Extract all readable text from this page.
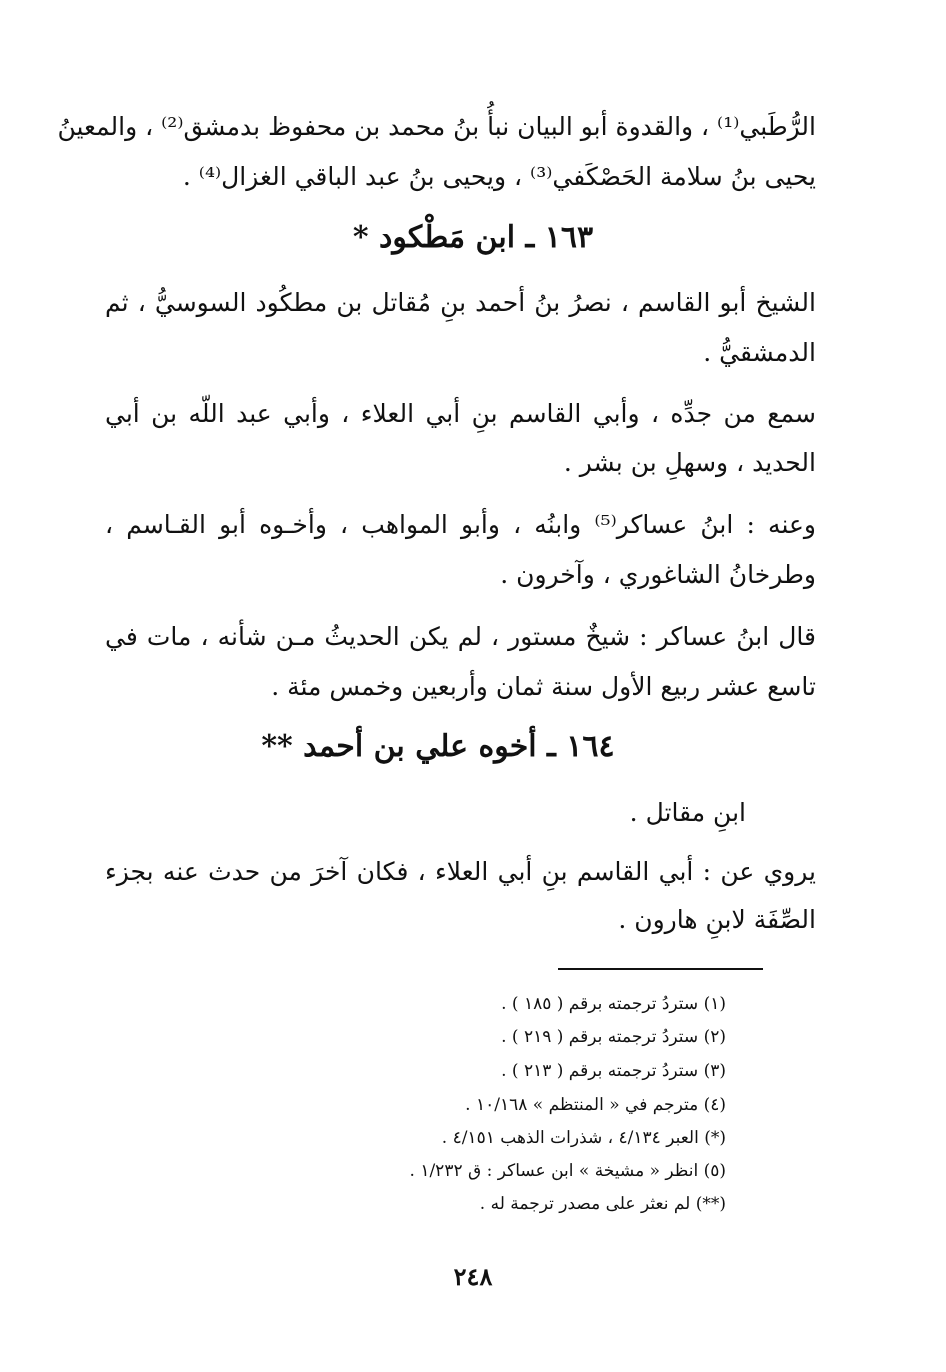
الرُّطَبي⁽¹⁾ ، والقدوة أبو البيان نبأُ بنُ محمد بن محفوظ بدمشق⁽²⁾ ، والمعينُ
يحيى بنُ سلامة الحَصْكَفي⁽³⁾ ، ويحيى بنُ عبد الباقي الغزال⁽⁴⁾ .
١٦٣ ـ ابن مَطْكود *
الشيخ أبو القاسم ، نصرُ بنُ أحمد بنِ مُقاتل بن مطكُود السوسيُّ ، ثم
الدمشقيُّ .
سمع من جدِّه ، وأبي القاسم بنِ أبي العلاء ، وأبي عبد اللّه بن أبي
الحديد ، وسهلِ بن بشر .
وعنه : ابنُ عساكر⁽⁵⁾ وابنُه ، وأبو المواهب ، وأخـوه أبو القـاسم ،
وطرخانُ الشاغوري ، وآخرون .
قال ابنُ عساكر : شيخٌ مستور ، لم يكن الحديثُ مـن شأنه ، مات في
تاسع عشر ربيع الأول سنة ثمان وأربعين وخمس مئة .
١٦٤ ـ أخوه علي بن أحمد **
ابنِ مقاتل .
يروي عن : أبي القاسم بنِ أبي العلاء ، فكان آخرَ من حدث عنه بجزء
الصِّفَة لابنِ هارون .
(١) ستردُ ترجمته برقم ( ١٨٥ ) .
(٢) ستردُ ترجمته برقم ( ٢١٩ ) .
(٣) ستردُ ترجمته برقم ( ٢١٣ ) .
(٤) مترجم في « المنتظم » ١٠/١٦٨ .
(*) العبر ٤/١٣٤ ، شذرات الذهب ٤/١٥١ .
(٥) انظر « مشيخة » ابن عساكر : ق ١/٢٣٢ .
(**) لم نعثر على مصدر ترجمة له .
٢٤٨
